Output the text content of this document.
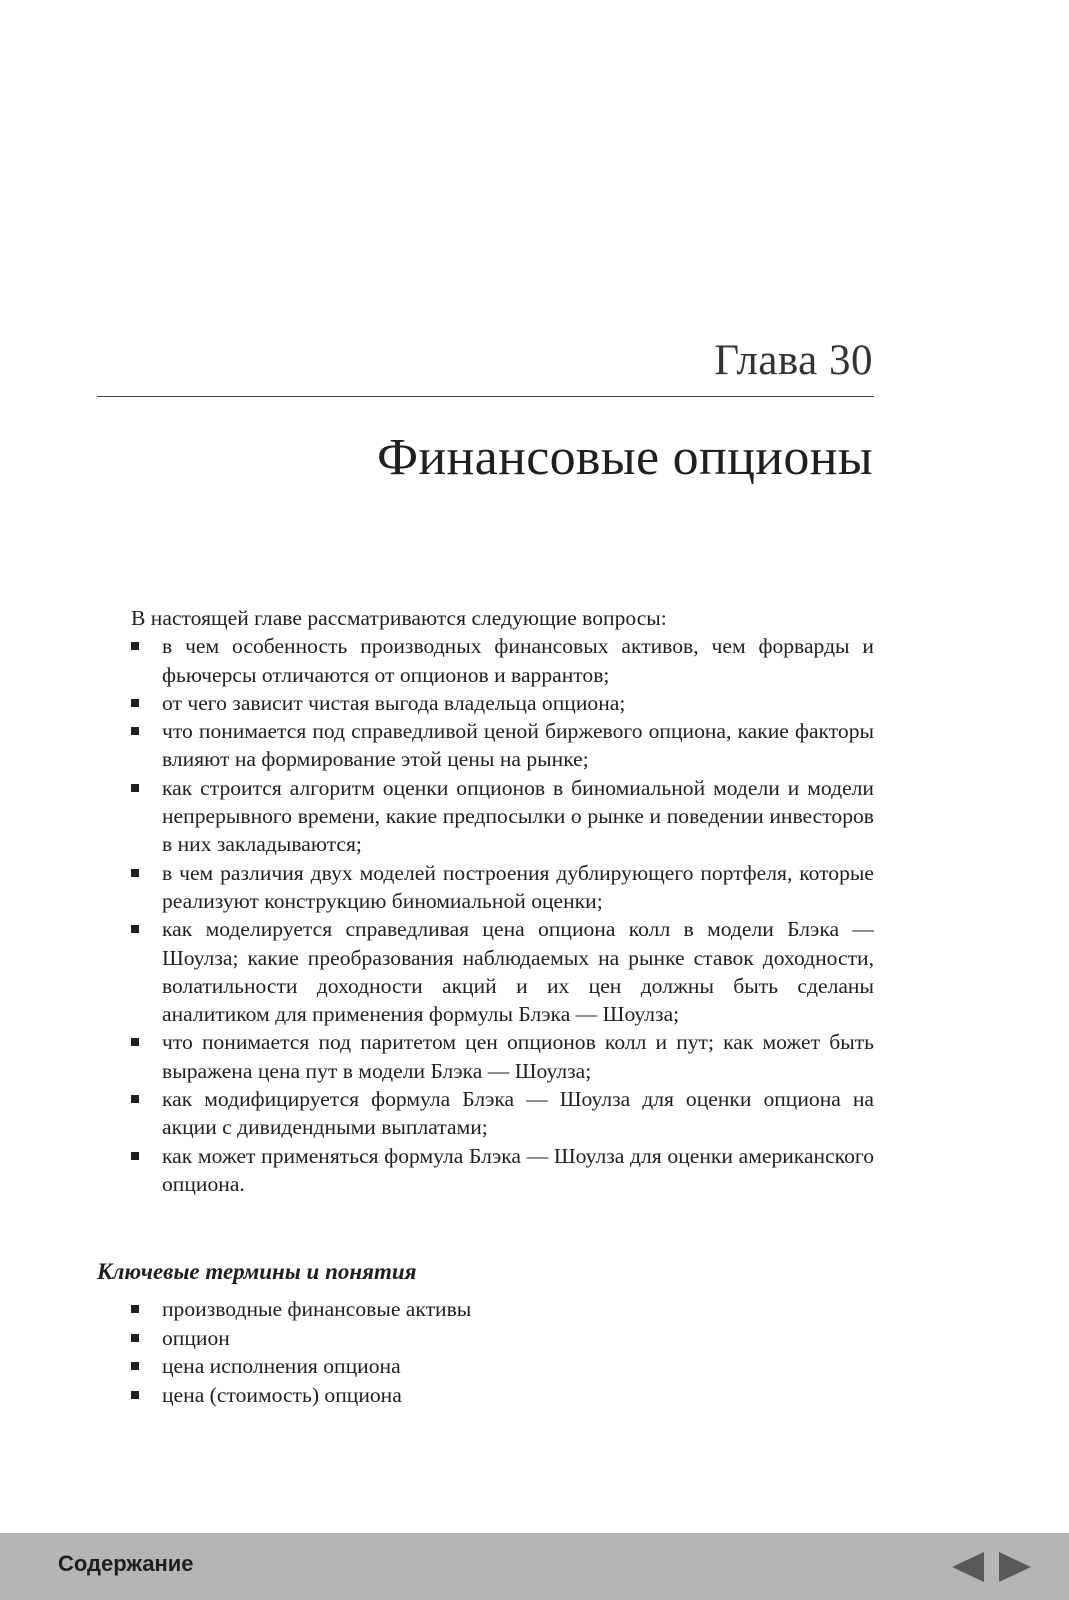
Глава 30
Финансовые опционы

В настоящей главе рассматриваются следующие вопросы:

в чем особенность производных финансовых активов, чем форварды и фьючерсы отличаются от опционов и варрантов;
от чего зависит чистая выгода владельца опциона;
что понимается под справедливой ценой биржевого опциона, какие факторы влияют на формирование этой цены на рынке;
как строится алгоритм оценки опционов в биномиальной модели и модели непрерывного времени, какие предпосылки о рынке и поведении инвесторов в них закладываются;
в чем различия двух моделей построения дублирующего портфеля, которые реализуют конструкцию биномиальной оценки;
как моделируется справедливая цена опциона колл в модели Блэка — Шоулза; какие преобразования наблюдаемых на рынке ставок доходности, волатильности доходности акций и их цен должны быть сделаны аналитиком для применения формулы Блэка — Шоулза;
что понимается под паритетом цен опционов колл и пут; как может быть выражена цена пут в модели Блэка — Шоулза;
как модифицируется формула Блэка — Шоулза для оценки опциона на акции с дивидендными выплатами;
как может применяться формула Блэка — Шоулза для оценки американского опциона.
Ключевые термины и понятия
производные финансовые активы
опцион
цена исполнения опциона
цена (стоимость) опциона
Содержание
